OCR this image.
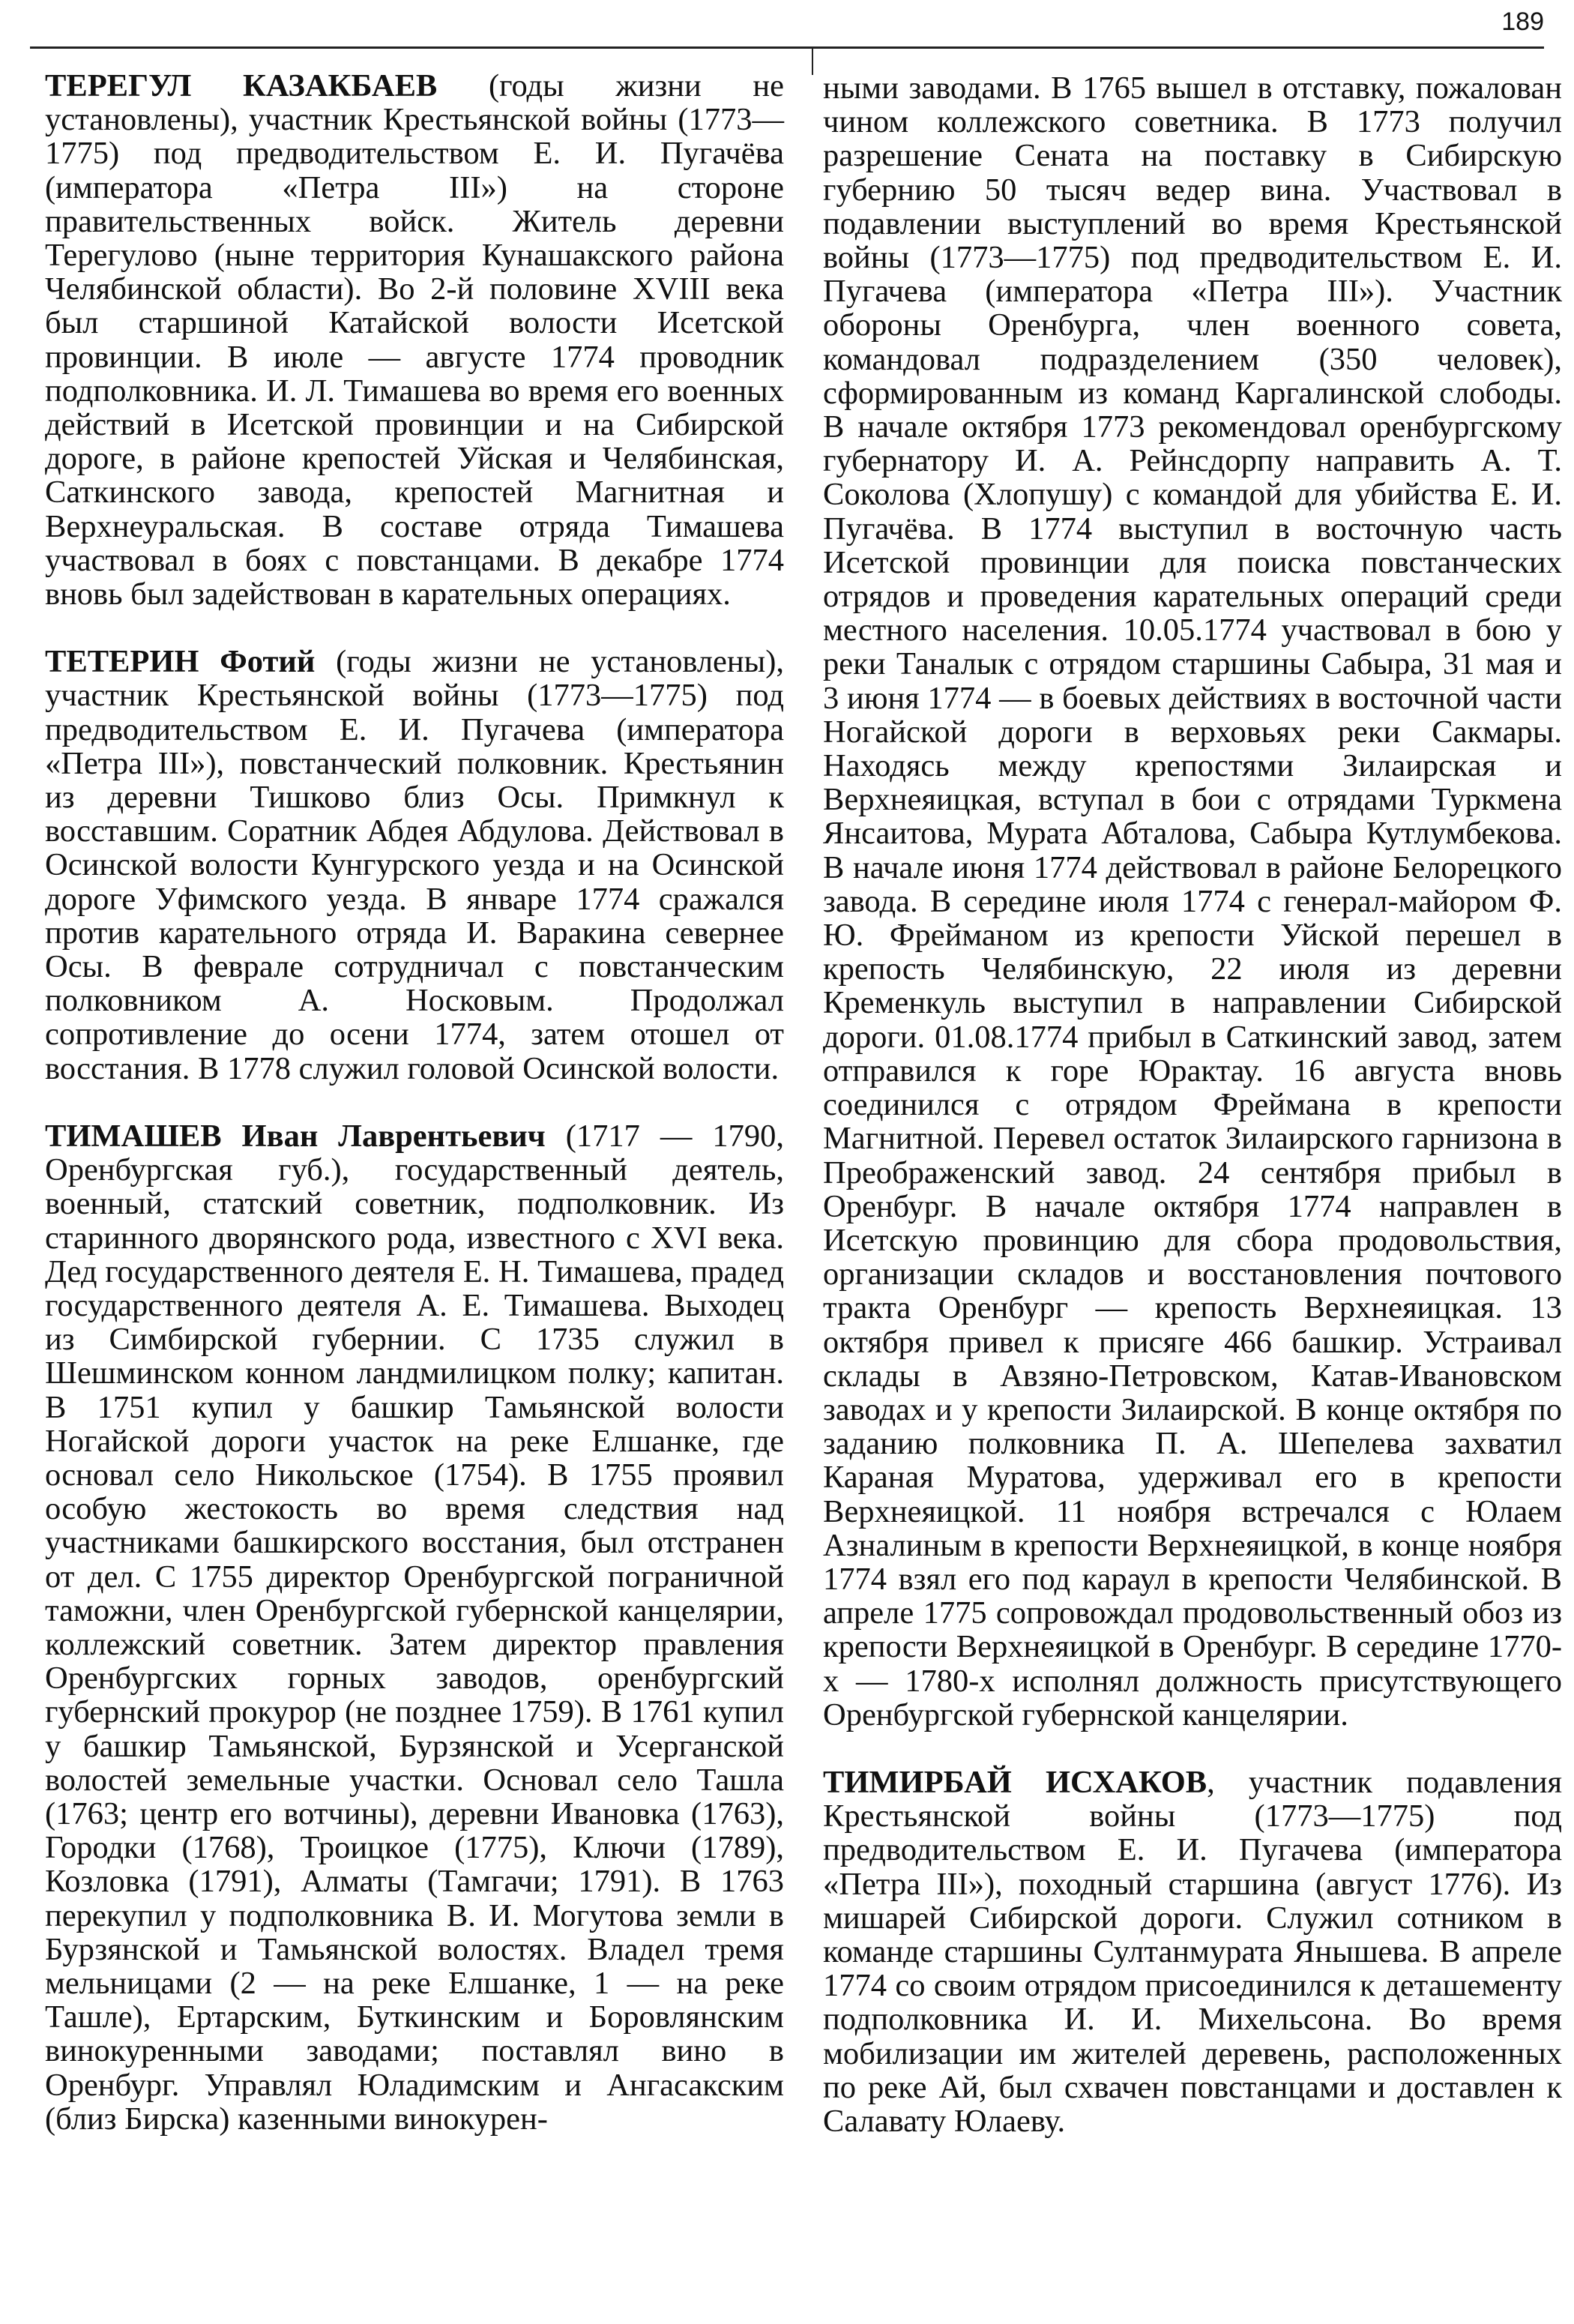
189

ТЕРЕГУЛ КАЗАКБАЕВ (годы жизни не установлены), участник Крестьянской войны (1773—1775) под предводительством Е. И. Пугачёва (императора «Петра III») на стороне правительственных войск. Житель деревни Терегулово (ныне территория Кунашакского района Челябинской области). Во 2-й половине XVIII века был старшиной Катайской волости Исетской провинции. В июле — августе 1774 проводник подполковника. И. Л. Тимашева во время его военных действий в Исетской провинции и на Сибирской дороге, в районе крепостей Уйская и Челябинская, Саткинского завода, крепостей Магнитная и Верхнеуральская. В составе отряда Тимашева участвовал в боях с повстанцами. В декабре 1774 вновь был задействован в карательных операциях.

ТЕТЕРИН Фотий (годы жизни не установлены), участник Крестьянской войны (1773—1775) под предводительством Е. И. Пугачева (императора «Петра III»), повстанческий полковник. Крестьянин из деревни Тишково близ Осы. Примкнул к восставшим. Соратник Абдея Абдулова. Действовал в Осинской волости Кунгурского уезда и на Осинской дороге Уфимского уезда. В январе 1774 сражался против карательного отряда И. Варакина севернее Осы. В феврале сотрудничал с повстанческим полковником А. Носковым. Продолжал сопротивление до осени 1774, затем отошел от восстания. В 1778 служил головой Осинской волости.

ТИМАШЕВ Иван Лаврентьевич (1717 — 1790, Оренбургская губ.), государственный деятель, военный, статский советник, подполковник. Из старинного дворянского рода, известного с XVI века. Дед государственного деятеля Е. Н. Тимашева, прадед государственного деятеля А. Е. Тимашева. Выходец из Симбирской губернии. С 1735 служил в Шешминском конном ландмилицком полку; капитан. В 1751 купил у башкир Тамьянской волости Ногайской дороги участок на реке Елшанке, где основал село Никольское (1754). В 1755 проявил особую жестокость во время следствия над участниками башкирского восстания, был отстранен от дел. С 1755 директор Оренбургской пограничной таможни, член Оренбургской губернской канцелярии, коллежский советник. Затем директор правления Оренбургских горных заводов, оренбургский губернский прокурор (не позднее 1759). В 1761 купил у башкир Тамьянской, Бурзянской и Усерганской волостей земельные участки. Основал село Ташла (1763; центр его вотчины), деревни Ивановка (1763), Городки (1768), Троицкое (1775), Ключи (1789), Козловка (1791), Алматы (Тамгачи; 1791). В 1763 перекупил у подполковника В. И. Могутова земли в Бурзянской и Тамьянской волостях. Владел тремя мельницами (2 — на реке Елшанке, 1 — на реке Ташле), Ертарским, Буткинским и Боровлянским винокуренными заводами; поставлял вино в Оренбург. Управлял Юладимским и Ангасакским (близ Бирска) казенными винокурен-

ными заводами. В 1765 вышел в отставку, пожалован чином коллежского советника. В 1773 получил разрешение Сената на поставку в Сибирскую губернию 50 тысяч ведер вина. Участвовал в подавлении выступлений во время Крестьянской войны (1773—1775) под предводительством Е. И. Пугачева (императора «Петра III»). Участник обороны Оренбурга, член военного совета, командовал подразделением (350 человек), сформированным из команд Каргалинской слободы. В начале октября 1773 рекомендовал оренбургскому губернатору И. А. Рейнсдорпу направить А. Т. Соколова (Хлопушу) с командой для убийства Е. И. Пугачёва. В 1774 выступил в восточную часть Исетской провинции для поиска повстанческих отрядов и проведения карательных операций среди местного населения. 10.05.1774 участвовал в бою у реки Таналык с отрядом старшины Сабыра, 31 мая и 3 июня 1774 — в боевых действиях в восточной части Ногайской дороги в верховьях реки Сакмары. Находясь между крепостями Зилаирская и Верхнеяицкая, вступал в бои с отрядами Туркмена Янсаитова, Мурата Абталова, Сабыра Кутлумбекова. В начале июня 1774 действовал в районе Белорецкого завода. В середине июля 1774 с генерал-майором Ф. Ю. Фрейманом из крепости Уйской перешел в крепость Челябинскую, 22 июля из деревни Кременкуль выступил в направлении Сибирской дороги. 01.08.1774 прибыл в Саткинский завод, затем отправился к горе Юрактау. 16 августа вновь соединился с отрядом Фреймана в крепости Магнитной. Перевел остаток Зилаирского гарнизона в Преображенский завод. 24 сентября прибыл в Оренбург. В начале октября 1774 направлен в Исетскую провинцию для сбора продовольствия, организации складов и восстановления почтового тракта Оренбург — крепость Верхнеяицкая. 13 октября привел к присяге 466 башкир. Устраивал склады в Авзяно-Петровском, Катав-Ивановском заводах и у крепости Зилаирской. В конце октября по заданию полковника П. А. Шепелева захватил Караная Муратова, удерживал его в крепости Верхнеяицкой. 11 ноября встречался с Юлаем Азналиным в крепости Верхнеяицкой, в конце ноября 1774 взял его под караул в крепости Челябинской. В апреле 1775 сопровождал продовольственный обоз из крепости Верхнеяицкой в Оренбург. В середине 1770-х — 1780-х исполнял должность присутствующего Оренбургской губернской канцелярии.

ТИМИРБАЙ ИСХАКОВ, участник подавления Крестьянской войны (1773—1775) под предводительством Е. И. Пугачева (императора «Петра III»), походный старшина (август 1776). Из мишарей Сибирской дороги. Служил сотником в команде старшины Султанмурата Янышева. В апреле 1774 со своим отрядом присоединился к деташементу подполковника И. И. Михельсона. Во время мобилизации им жителей деревень, расположенных по реке Ай, был схвачен повстанцами и доставлен к Салавату Юлаеву.
